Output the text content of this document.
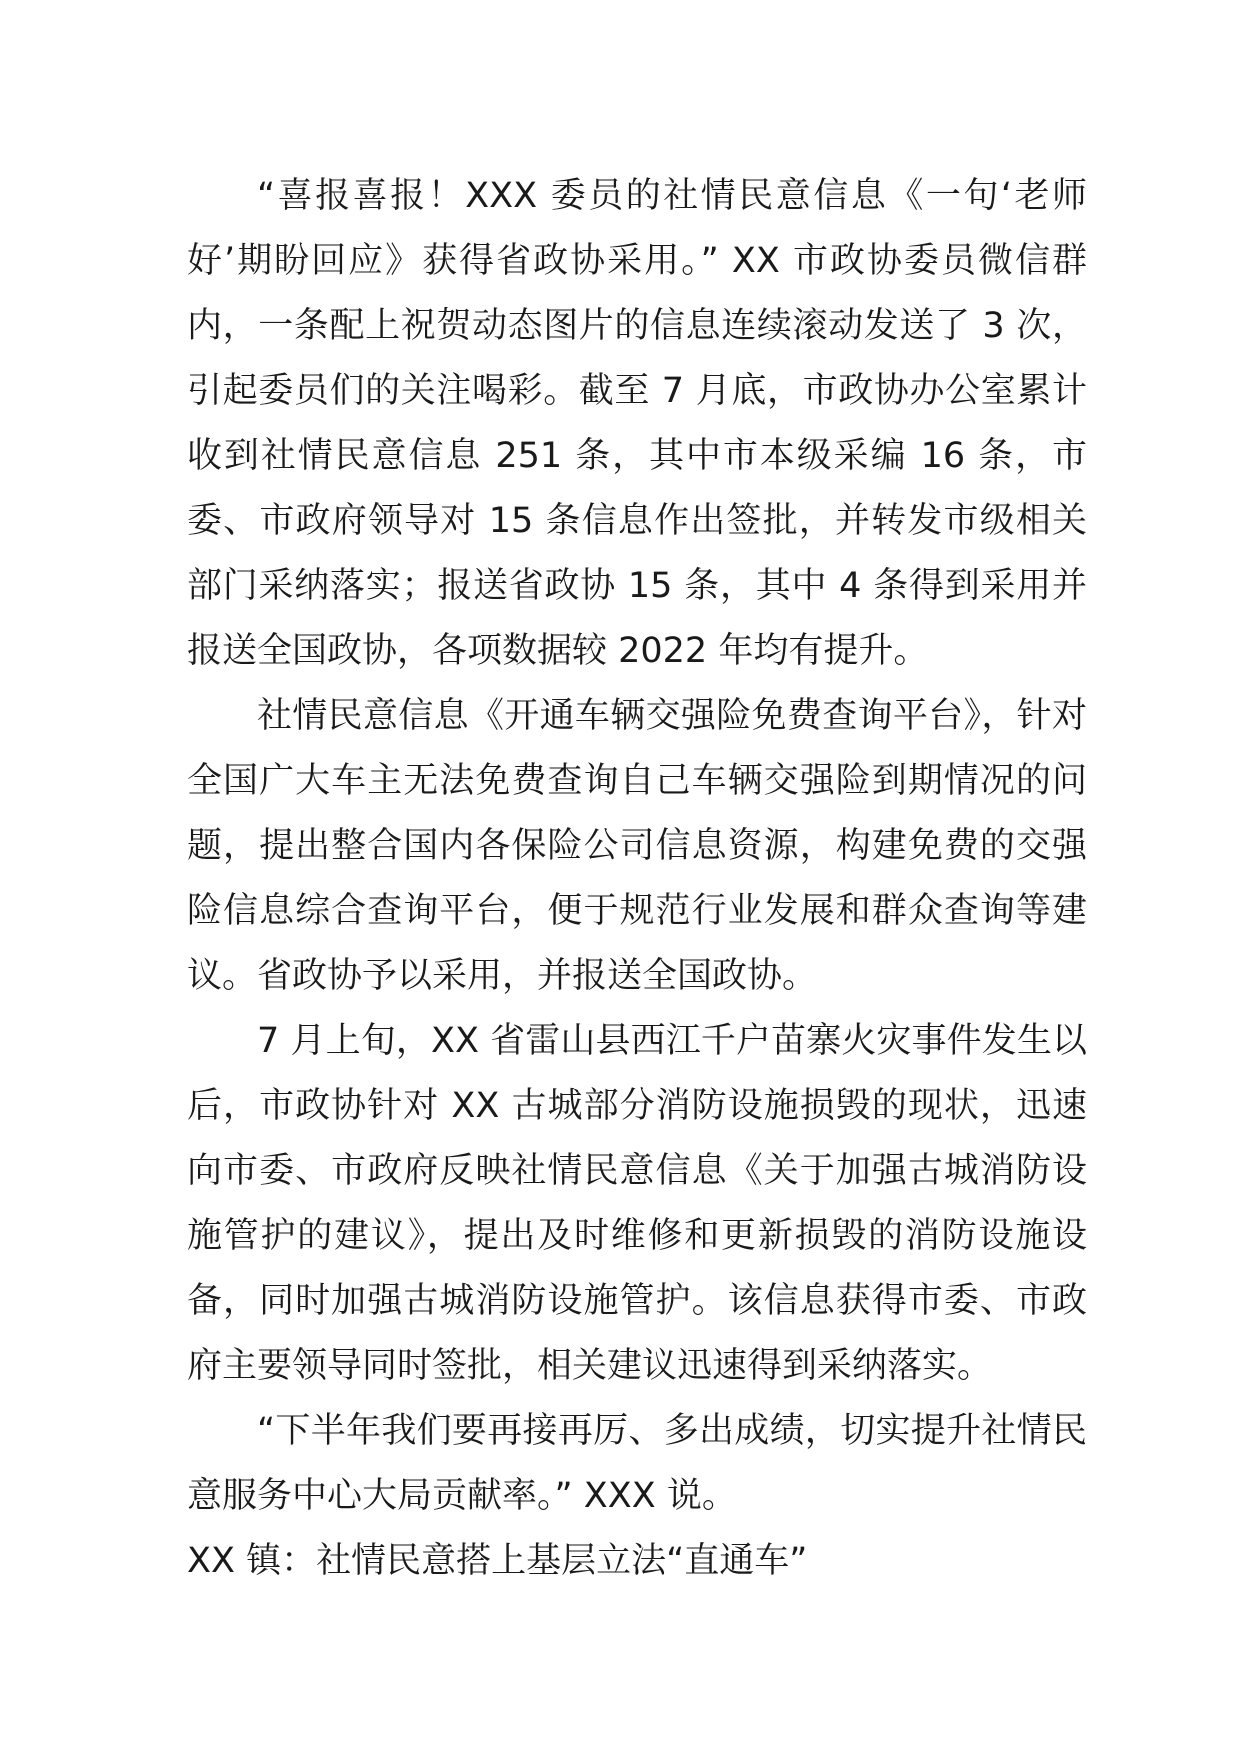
“喜报喜报！XXX 委员的社情民意信息《一句‘老师好’期盼回应》获得省政协采用。” XX 市政协委员微信群内，一条配上祝贺动态图片的信息连续滚动发送了 3 次，引起委员们的关注喝彩。截至 7 月底，市政协办公室累计收到社情民意信息 251 条，其中市本级采编 16 条，市委、市政府领导对 15 条信息作出签批，并转发市级相关部门采纳落实；报送省政协 15 条，其中 4 条得到采用并报送全国政协，各项数据较 2022 年均有提升。

社情民意信息《开通车辆交强险免费查询平台》，针对全国广大车主无法免费查询自己车辆交强险到期情况的问题，提出整合国内各保险公司信息资源，构建免费的交强险信息综合查询平台，便于规范行业发展和群众查询等建议。省政协予以采用，并报送全国政协。

7 月上旬，XX 省雷山县西江千户苗寨火灾事件发生以后，市政协针对 XX 古城部分消防设施损毁的现状，迅速向市委、市政府反映社情民意信息《关于加强古城消防设施管护的建议》，提出及时维修和更新损毁的消防设施设备，同时加强古城消防设施管护。该信息获得市委、市政府主要领导同时签批，相关建议迅速得到采纳落实。

“下半年我们要再接再厉、多出成绩，切实提升社情民意服务中心大局贡献率。” XXX 说。

XX 镇：社情民意搭上基层立法“直通车”
